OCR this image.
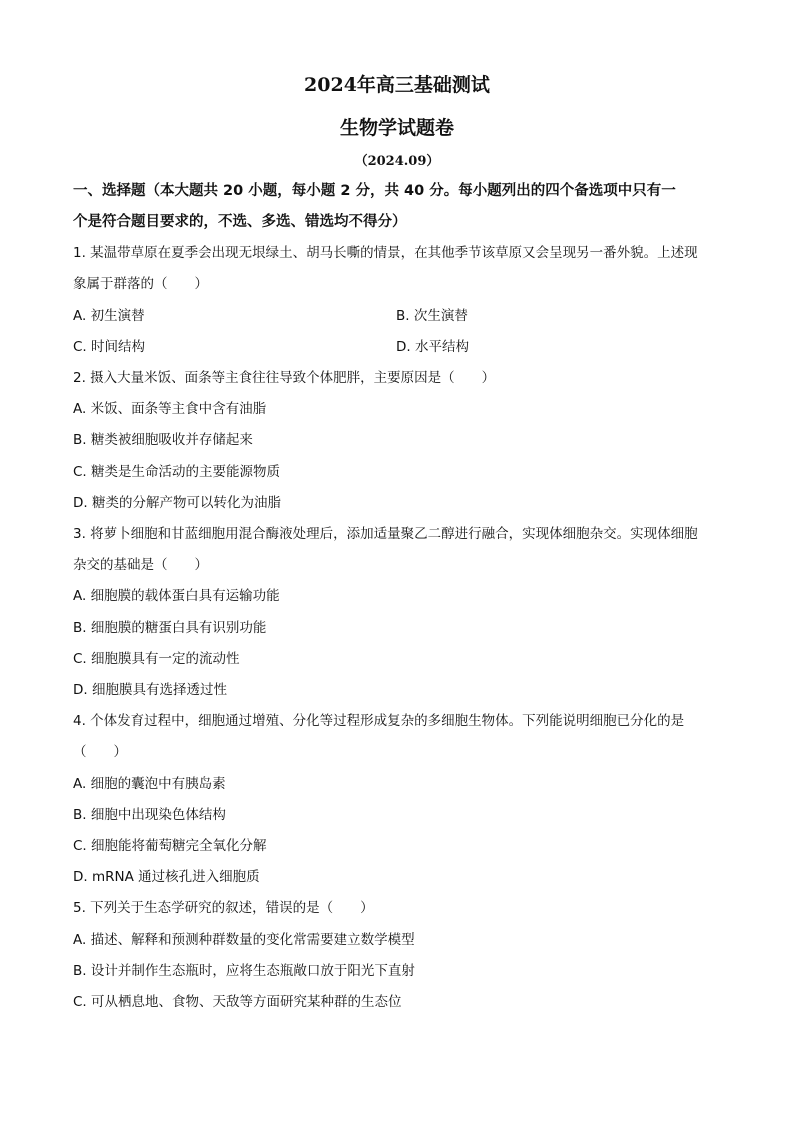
2024年高三基础测试
生物学试题卷
（2024.09）
一、选择题（本大题共 20 小题，每小题 2 分，共 40 分。每小题列出的四个备选项中只有一
个是符合题目要求的，不选、多选、错选均不得分）
1. 某温带草原在夏季会出现无垠绿土、胡马长嘶的情景，在其他季节该草原又会呈现另一番外貌。上述现
象属于群落的（　　）
A. 初生演替	B. 次生演替
C. 时间结构	D. 水平结构
2. 摄入大量米饭、面条等主食往往导致个体肥胖，主要原因是（　　）
A. 米饭、面条等主食中含有油脂
B. 糖类被细胞吸收并存储起来
C. 糖类是生命活动的主要能源物质
D. 糖类的分解产物可以转化为油脂
3. 将萝卜细胞和甘蓝细胞用混合酶液处理后，添加适量聚乙二醇进行融合，实现体细胞杂交。实现体细胞
杂交的基础是（　　）
A. 细胞膜的载体蛋白具有运输功能
B. 细胞膜的糖蛋白具有识别功能
C. 细胞膜具有一定的流动性
D. 细胞膜具有选择透过性
4. 个体发育过程中，细胞通过增殖、分化等过程形成复杂的多细胞生物体。下列能说明细胞已分化的是
（　　）
A. 细胞的囊泡中有胰岛素
B. 细胞中出现染色体结构
C. 细胞能将葡萄糖完全氧化分解
D. mRNA 通过核孔进入细胞质
5. 下列关于生态学研究的叙述，错误的是（　　）
A. 描述、解释和预测种群数量的变化常需要建立数学模型
B. 设计并制作生态瓶时，应将生态瓶敞口放于阳光下直射
C. 可从栖息地、食物、天敌等方面研究某种群的生态位
